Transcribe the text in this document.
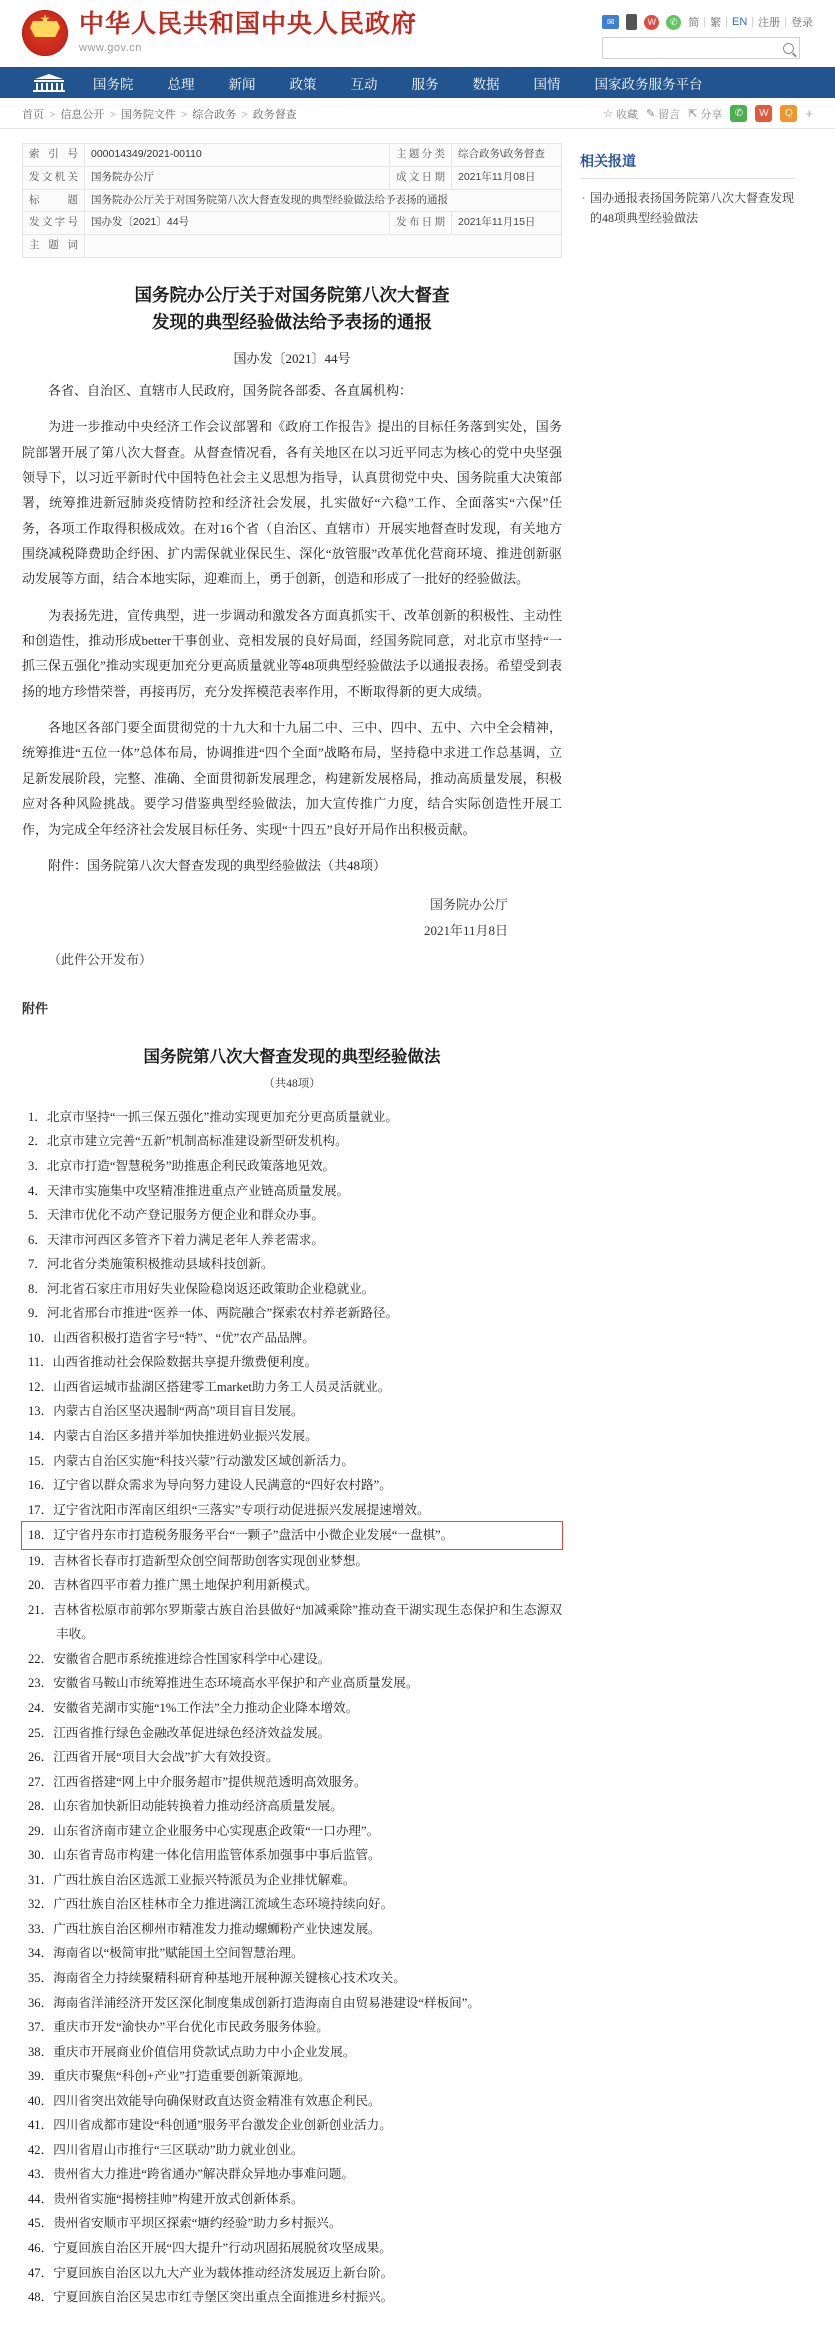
★
中华人民共和国中央人民政府
www.gov.cn
✉	W	✆ 简 | 繁 | EN | 注册 | 登录
国务院	总理	新闻	政策	互动	服务	数据	国情	国家政务服务平台
首页 > 信息公开 > 国务院文件 > 综合政务 > 政务督查	☆ 收藏 ✎ 留言 ⇱ 分享	✆	W	Q +
索 引 号	000014349/2021-00110	主题分类	综合政务\政务督查
发文机关	国务院办公厅	成文日期	2021年11月08日
标 题	国务院办公厅关于对国务院第八次大督查发现的典型经验做法给予表扬的通报		
发文字号	国办发〔2021〕44号	发布日期	2021年11月15日
主 题 词			
国务院办公厅关于对国务院第八次大督查
发现的典型经验做法给予表扬的通报
国办发〔2021〕44号

各省、自治区、直辖市人民政府，国务院各部委、各直属机构：

为进一步推动中央经济工作会议部署和《政府工作报告》提出的目标任务落到实处，国务院部署开展了第八次大督查。从督查情况看，各有关地区在以习近平同志为核心的党中央坚强领导下，以习近平新时代中国特色社会主义思想为指导，认真贯彻党中央、国务院重大决策部署，统筹推进新冠肺炎疫情防控和经济社会发展，扎实做好“六稳”工作、全面落实“六保”任务，各项工作取得积极成效。在对16个省（自治区、直辖市）开展实地督查时发现，有关地方围绕减税降费助企纾困、扩内需保就业保民生、深化“放管服”改革优化营商环境、推进创新驱动发展等方面，结合本地实际，迎难而上，勇于创新，创造和形成了一批好的经验做法。

为表扬先进，宣传典型，进一步调动和激发各方面真抓实干、改革创新的积极性、主动性和创造性，推动形成better干事创业、竞相发展的良好局面，经国务院同意，对北京市坚持“一抓三保五强化”推动实现更加充分更高质量就业等48项典型经验做法予以通报表扬。希望受到表扬的地方珍惜荣誉，再接再厉，充分发挥模范表率作用，不断取得新的更大成绩。

各地区各部门要全面贯彻党的十九大和十九届二中、三中、四中、五中、六中全会精神，统筹推进“五位一体”总体布局，协调推进“四个全面”战略布局，坚持稳中求进工作总基调，立足新发展阶段，完整、准确、全面贯彻新发展理念，构建新发展格局，推动高质量发展，积极应对各种风险挑战。要学习借鉴典型经验做法，加大宣传推广力度，结合实际创造性开展工作，为完成全年经济社会发展目标任务、实现“十四五”良好开局作出积极贡献。

附件：国务院第八次大督查发现的典型经验做法（共48项）

国务院办公厅
2021年11月8日
（此件公开发布）
附件
国务院第八次大督查发现的典型经验做法
（共48项）
1．北京市坚持“一抓三保五强化”推动实现更加充分更高质量就业。
2．北京市建立完善“五新”机制高标准建设新型研发机构。
3．北京市打造“智慧税务”助推惠企利民政策落地见效。
4．天津市实施集中攻坚精准推进重点产业链高质量发展。
5．天津市优化不动产登记服务方便企业和群众办事。
6．天津市河西区多管齐下着力满足老年人养老需求。
7．河北省分类施策积极推动县域科技创新。
8．河北省石家庄市用好失业保险稳岗返还政策助企业稳就业。
9．河北省邢台市推进“医养一体、两院融合”探索农村养老新路径。
10．山西省积极打造省字号“特”、“优”农产品品牌。
11．山西省推动社会保险数据共享提升缴费便利度。
12．山西省运城市盐湖区搭建零工market助力务工人员灵活就业。
13．内蒙古自治区坚决遏制“两高”项目盲目发展。
14．内蒙古自治区多措并举加快推进奶业振兴发展。
15．内蒙古自治区实施“科技兴蒙”行动激发区域创新活力。
16．辽宁省以群众需求为导向努力建设人民满意的“四好农村路”。
17．辽宁省沈阳市浑南区组织“三落实”专项行动促进振兴发展提速增效。
18．辽宁省丹东市打造税务服务平台“一颗子”盘活中小微企业发展“一盘棋”。
19．吉林省长春市打造新型众创空间帮助创客实现创业梦想。
20．吉林省四平市着力推广黑土地保护利用新模式。
21．吉林省松原市前郭尔罗斯蒙古族自治县做好“加减乘除”推动查干湖实现生态保护和生态源双丰收。
22．安徽省合肥市系统推进综合性国家科学中心建设。
23．安徽省马鞍山市统筹推进生态环境高水平保护和产业高质量发展。
24．安徽省芜湖市实施“1%工作法”全力推动企业降本增效。
25．江西省推行绿色金融改革促进绿色经济效益发展。
26．江西省开展“项目大会战”扩大有效投资。
27．江西省搭建“网上中介服务超市”提供规范透明高效服务。
28．山东省加快新旧动能转换着力推动经济高质量发展。
29．山东省济南市建立企业服务中心实现惠企政策“一口办理”。
30．山东省青岛市构建一体化信用监管体系加强事中事后监管。
31．广西壮族自治区选派工业振兴特派员为企业排忧解难。
32．广西壮族自治区桂林市全力推进漓江流域生态环境持续向好。
33．广西壮族自治区柳州市精准发力推动螺蛳粉产业快速发展。
34．海南省以“极简审批”赋能国土空间智慧治理。
35．海南省全力持续聚精科研育种基地开展种源关键核心技术攻关。
36．海南省洋浦经济开发区深化制度集成创新打造海南自由贸易港建设“样板间”。
37．重庆市开发“渝快办”平台优化市民政务服务体验。
38．重庆市开展商业价值信用贷款试点助力中小企业发展。
39．重庆市聚焦“科创+产业”打造重要创新策源地。
40．四川省突出效能导向确保财政直达资金精准有效惠企利民。
41．四川省成都市建设“科创通”服务平台激发企业创新创业活力。
42．四川省眉山市推行“三区联动”助力就业创业。
43．贵州省大力推进“跨省通办”解决群众异地办事难问题。
44．贵州省实施“揭榜挂帅”构建开放式创新体系。
45．贵州省安顺市平坝区探索“塘约经验”助力乡村振兴。
46．宁夏回族自治区开展“四大提升”行动巩固拓展脱贫攻坚成果。
47．宁夏回族自治区以九大产业为载体推动经济发展迈上新台阶。
48．宁夏回族自治区吴忠市红寺堡区突出重点全面推进乡村振兴。
相关报道
· 国办通报表扬国务院第八次大督查发现的48项典型经验做法
